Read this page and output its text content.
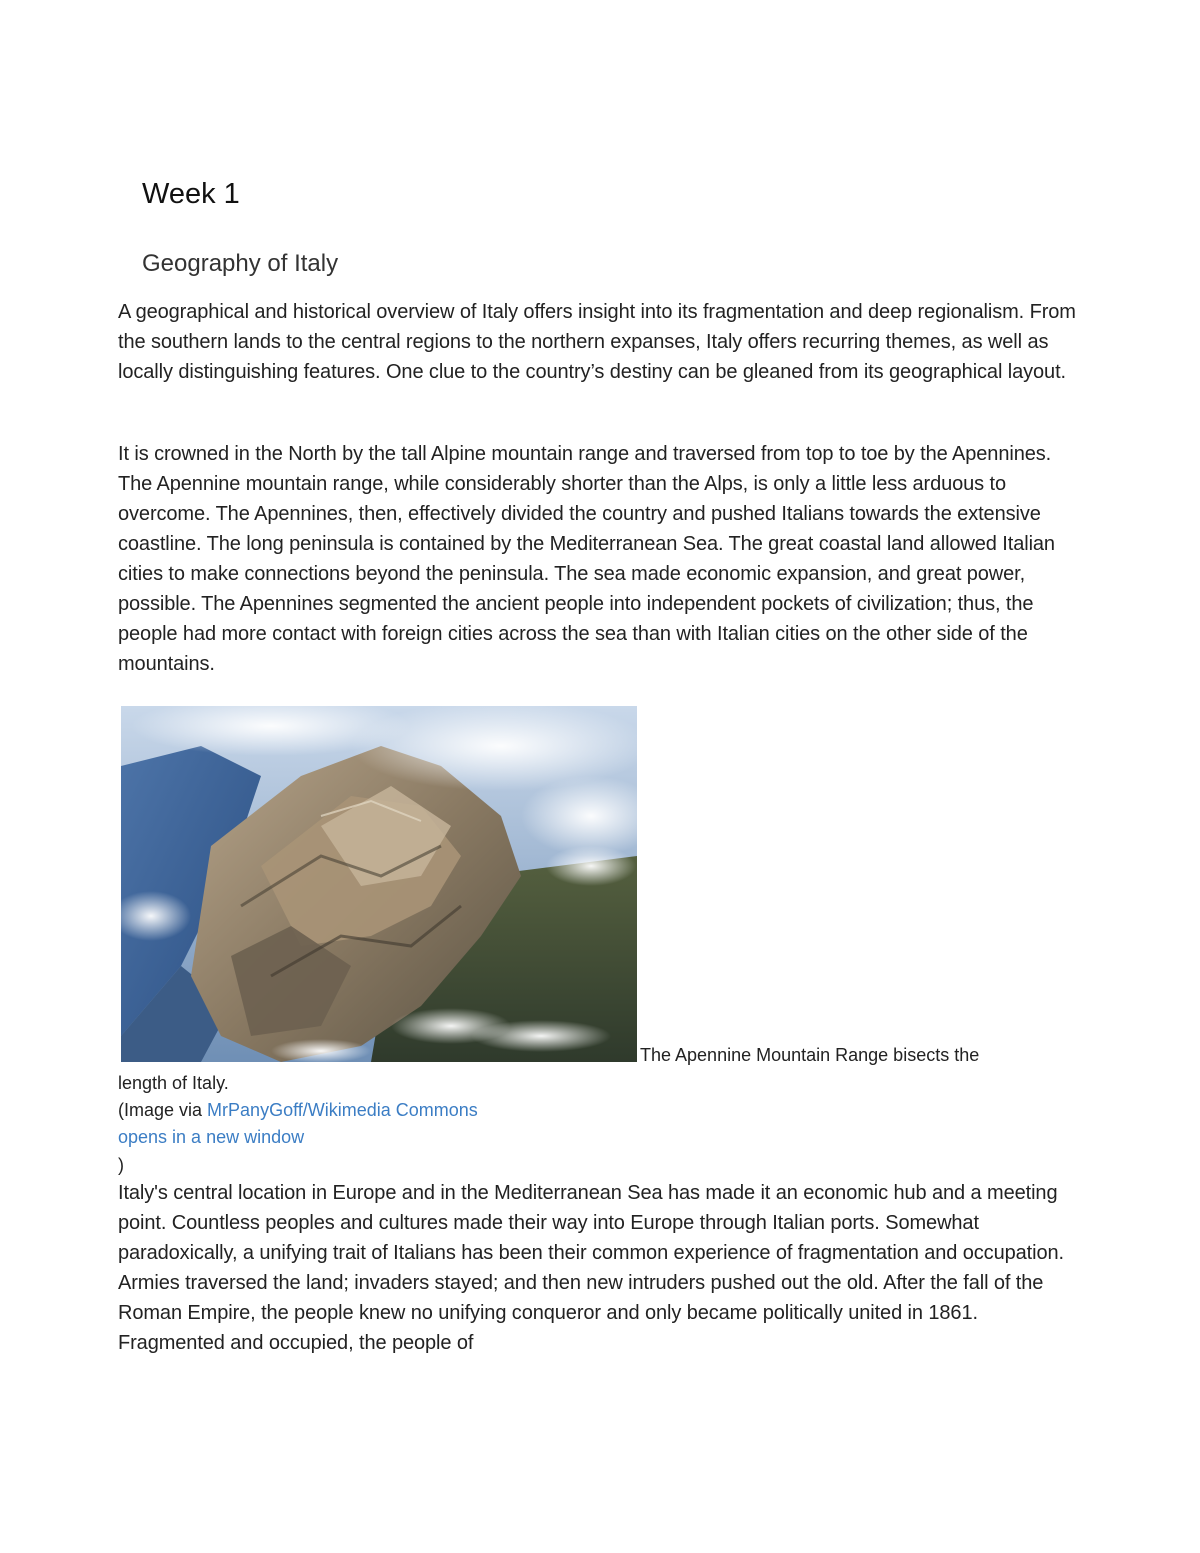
Week 1
Geography of Italy

A geographical and historical overview of Italy offers insight into its fragmentation and deep regionalism. From the southern lands to the central regions to the northern expanses, Italy offers recurring themes, as well as locally distinguishing features. One clue to the country’s destiny can be gleaned from its geographical layout.

It is crowned in the North by the tall Alpine mountain range and traversed from top to toe by the Apennines. The Apennine mountain range, while considerably shorter than the Alps, is only a little less arduous to overcome. The Apennines, then, effectively divided the country and pushed Italians towards the extensive coastline. The long peninsula is contained by the Mediterranean Sea. The great coastal land allowed Italian cities to make connections beyond the peninsula. The sea made economic expansion, and great power, possible. The Apennines segmented the ancient people into independent pockets of civilization; thus, the people had more contact with foreign cities across the sea than with Italian cities on the other side of the mountains.

The Apennine Mountain Range bisects the

length of Italy.

(Image via MrPanyGoff/Wikimedia Commons

opens in a new window

)

Italy's central location in Europe and in the Mediterranean Sea has made it an economic hub and a meeting point. Countless peoples and cultures made their way into Europe through Italian ports. Somewhat paradoxically, a unifying trait of Italians has been their common experience of fragmentation and occupation. Armies traversed the land; invaders stayed; and then new intruders pushed out the old. After the fall of the Roman Empire, the people knew no unifying conqueror and only became politically united in 1861. Fragmented and occupied, the people of
